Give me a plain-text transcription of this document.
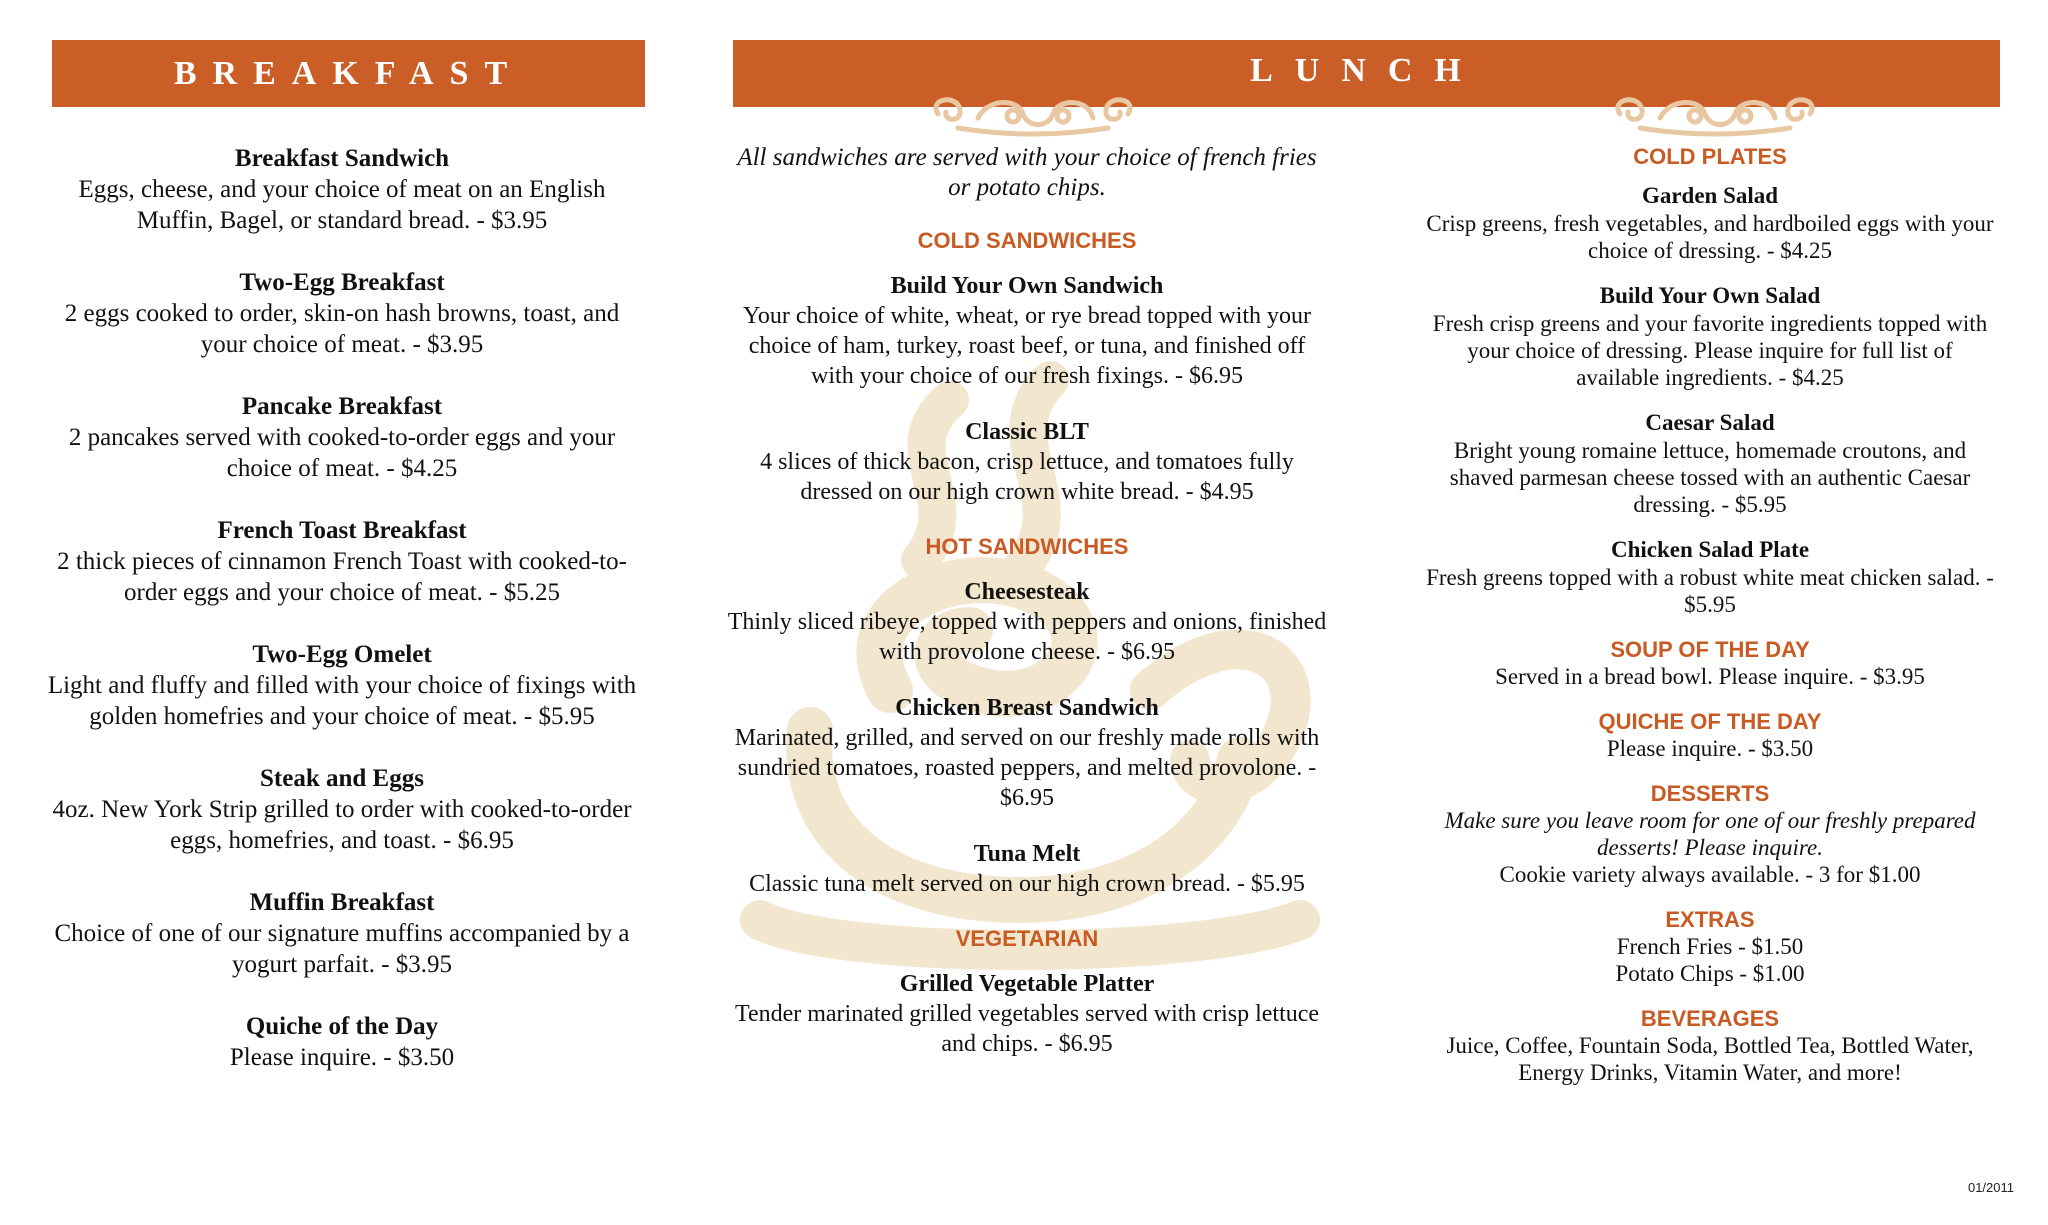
BREAKFAST	LUNCH
Breakfast Sandwich
Eggs, cheese, and your choice of meat on an English Muffin, Bagel, or standard bread. - $3.95
Two-Egg Breakfast
2 eggs cooked to order, skin-on hash browns, toast, and your choice of meat. - $3.95
Pancake Breakfast
2 pancakes served with cooked-to-order eggs and your choice of meat. - $4.25
French Toast Breakfast
2 thick pieces of cinnamon French Toast with cooked-to-order eggs and your choice of meat. - $5.25
Two-Egg Omelet
Light and fluffy and filled with your choice of fixings with golden homefries and your choice of meat. - $5.95
Steak and Eggs
4oz. New York Strip grilled to order with cooked-to-order eggs, homefries, and toast. - $6.95
Muffin Breakfast
Choice of one of our signature muffins accompanied by a yogurt parfait. - $3.95
Quiche of the Day
Please inquire. - $3.50
All sandwiches are served with your choice of french fries or potato chips.
COLD SANDWICHES
Build Your Own Sandwich
Your choice of white, wheat, or rye bread topped with your choice of ham, turkey, roast beef, or tuna, and finished off with your choice of our fresh fixings. - $6.95
Classic BLT
4 slices of thick bacon, crisp lettuce, and tomatoes fully dressed on our high crown white bread. - $4.95
HOT SANDWICHES
Cheesesteak
Thinly sliced ribeye, topped with peppers and onions, finished with provolone cheese. - $6.95
Chicken Breast Sandwich
Marinated, grilled, and served on our freshly made rolls with sundried tomatoes, roasted peppers, and melted provolone. - $6.95
Tuna Melt
Classic tuna melt served on our high crown bread. - $5.95
VEGETARIAN
Grilled Vegetable Platter
Tender marinated grilled vegetables served with crisp lettuce and chips. - $6.95
COLD PLATES
Garden Salad
Crisp greens, fresh vegetables, and hardboiled eggs with your choice of dressing. - $4.25
Build Your Own Salad
Fresh crisp greens and your favorite ingredients topped with your choice of dressing. Please inquire for full list of available ingredients. - $4.25
Caesar Salad
Bright young romaine lettuce, homemade croutons, and shaved parmesan cheese tossed with an authentic Caesar dressing. - $5.95
Chicken Salad Plate
Fresh greens topped with a robust white meat chicken salad. - $5.95
SOUP OF THE DAY
Served in a bread bowl. Please inquire. - $3.95
QUICHE OF THE DAY
Please inquire. - $3.50
DESSERTS
Make sure you leave room for one of our freshly prepared desserts! Please inquire.
Cookie variety always available. - 3 for $1.00
EXTRAS
French Fries - $1.50
Potato Chips - $1.00
BEVERAGES
Juice, Coffee, Fountain Soda, Bottled Tea, Bottled Water, Energy Drinks, Vitamin Water, and more!
01/2011
